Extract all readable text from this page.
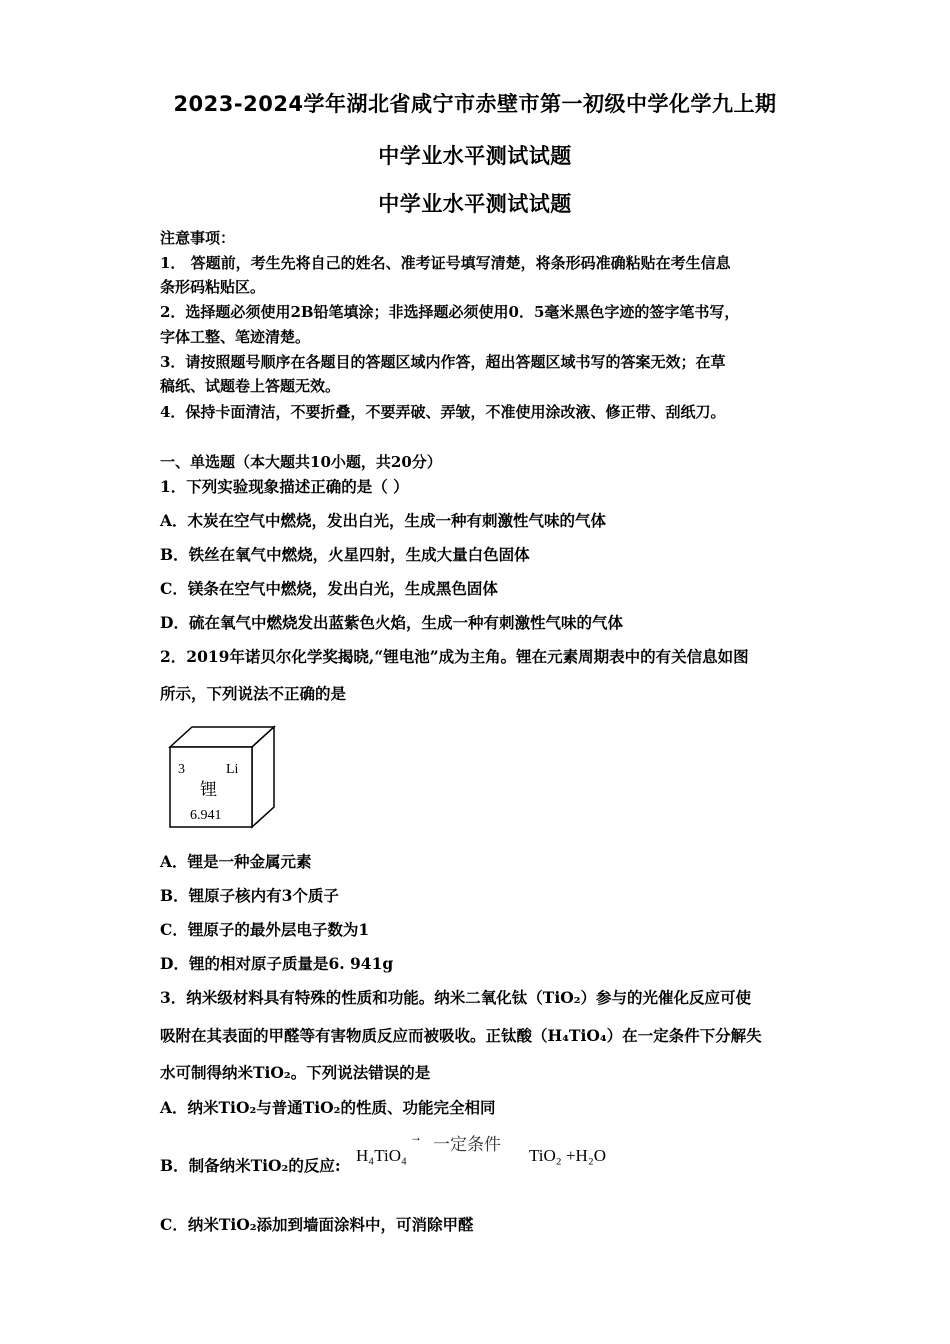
2023-2024学年湖北省咸宁市赤壁市第一初级中学化学九上期
中学业水平测试试题
中学业水平测试试题
注意事项：
1． 答题前，考生先将自己的姓名、准考证号填写清楚，将条形码准确粘贴在考生信息
条形码粘贴区。
2．选择题必须使用2B铅笔填涂；非选择题必须使用0．5毫米黑色字迹的签字笔书写，
字体工整、笔迹清楚。
3．请按照题号顺序在各题目的答题区域内作答，超出答题区域书写的答案无效；在草
稿纸、试题卷上答题无效。
4．保持卡面清洁，不要折叠，不要弄破、弄皱，不准使用涂改液、修正带、刮纸刀。
一、单选题（本大题共10小题，共20分）
1．下列实验现象描述正确的是（ ）
A．木炭在空气中燃烧，发出白光，生成一种有刺激性气味的气体
B．铁丝在氧气中燃烧，火星四射，生成大量白色固体
C．镁条在空气中燃烧，发出白光，生成黑色固体
D．硫在氧气中燃烧发出蓝紫色火焰，生成一种有刺激性气味的气体
2．2019年诺贝尔化学奖揭晓,“锂电池”成为主角。锂在元素周期表中的有关信息如图
所示，下列说法不正确的是
3	Li
锂
6.941
A．锂是一种金属元素
B．锂原子核内有3个质子
C．锂原子的最外层电子数为1
D．锂的相对原子质量是6. 941g
3．纳米级材料具有特殊的性质和功能。纳米二氧化钛（TiO₂）参与的光催化反应可使
吸附在其表面的甲醛等有害物质反应而被吸收。正钛酸（H₄TiO₄）在一定条件下分解失
水可制得纳米TiO₂。下列说法错误的是
A．纳米TiO₂与普通TiO₂的性质、功能完全相同
B．制备纳米TiO₂的反应:
H₄TiO₄
→ 一定条件
TiO₂ +H₂O
C．纳米TiO₂添加到墙面涂料中，可消除甲醛
